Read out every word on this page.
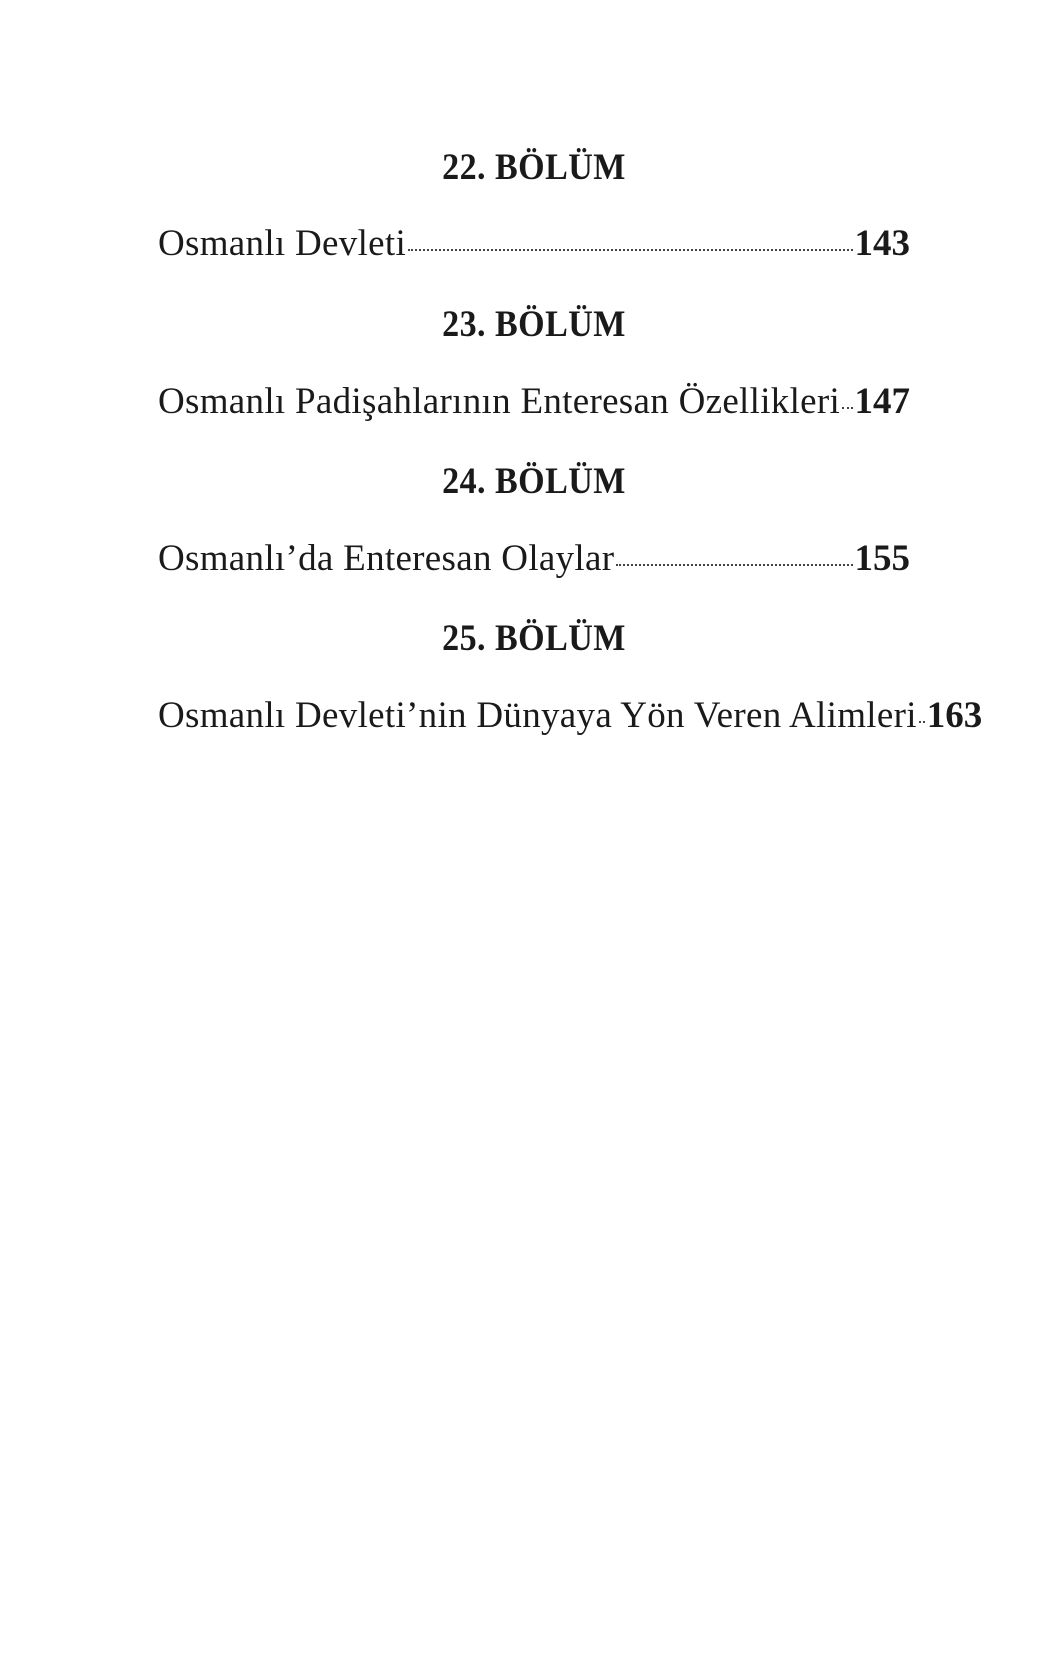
22. BÖLÜM
Osmanlı Devleti	143
23. BÖLÜM
Osmanlı Padişahlarının Enteresan Özellikleri 147
24. BÖLÜM
Osmanlı’da Enteresan Olaylar	155
25. BÖLÜM
Osmanlı Devleti’nin Dünyaya Yön Veren Alimleri 163
